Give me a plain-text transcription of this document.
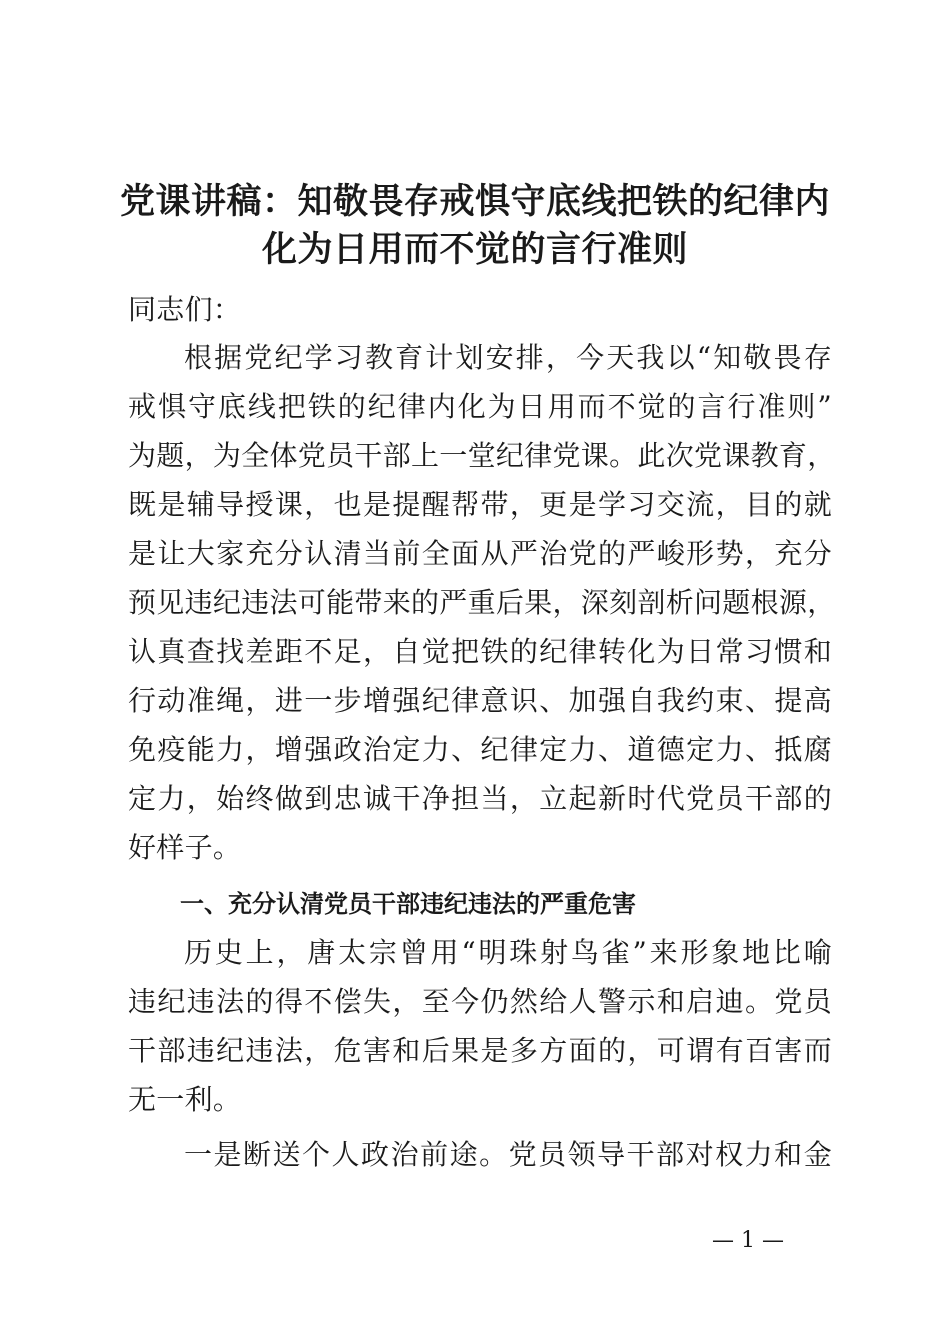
党课讲稿：知敬畏存戒惧守底线把铁的纪律内
化为日用而不觉的言行准则

同志们：

根据党纪学习教育计划安排，今天我以“知敬畏存
戒惧守底线把铁的纪律内化为日用而不觉的言行准则”
为题，为全体党员干部上一堂纪律党课。此次党课教育，
既是辅导授课，也是提醒帮带，更是学习交流，目的就
是让大家充分认清当前全面从严治党的严峻形势，充分
预见违纪违法可能带来的严重后果，深刻剖析问题根源，
认真查找差距不足，自觉把铁的纪律转化为日常习惯和
行动准绳，进一步增强纪律意识、加强自我约束、提高
免疫能力，增强政治定力、纪律定力、道德定力、抵腐
定力，始终做到忠诚干净担当，立起新时代党员干部的
好样子。
一、充分认清党员干部违纪违法的严重危害
历史上，唐太宗曾用“明珠射鸟雀”来形象地比喻
违纪违法的得不偿失，至今仍然给人警示和启迪。党员
干部违纪违法，危害和后果是多方面的，可谓有百害而
无一利。
一是断送个人政治前途。党员领导干部对权力和金
— 1 —
